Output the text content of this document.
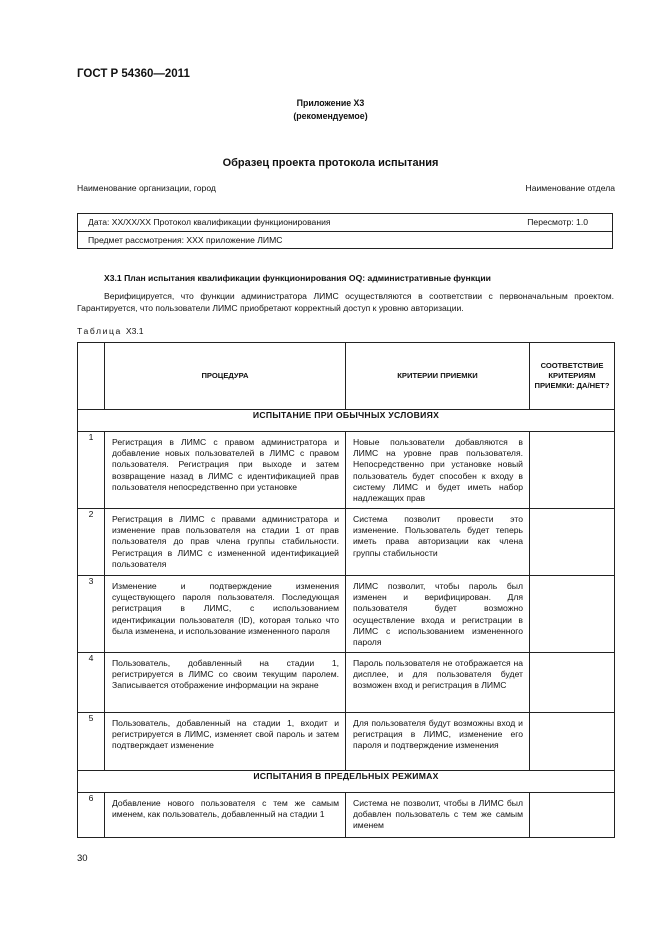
ГОСТ Р 54360—2011
Приложение Х3
(рекомендуемое)
Образец проекта протокола испытания
Наименование организации, город	Наименование отдела
Дата: XX/XX/XX Протокол квалификации функционирования	Пересмотр: 1.0
Предмет рассмотрения: XXX приложение ЛИМС
Х3.1 План испытания квалификации функционирования OQ: административные функции
Верифицируется, что функции администратора ЛИМС осуществляются в соответствии с первоначальным проектом. Гарантируется, что пользователи ЛИМС приобретают корректный доступ к уровню авторизации.
Таблица Х3.1
	ПРОЦЕДУРА	КРИТЕРИИ ПРИЕМКИ	СООТВЕТСТВИЕ КРИТЕРИЯМ ПРИЕМКИ: ДА/НЕТ?
ИСПЫТАНИЕ ПРИ ОБЫЧНЫХ УСЛОВИЯХ			
1	Регистрация в ЛИМС с правом администратора и добавление новых пользователей в ЛИМС с правом пользователя. Регистрация при выходе и затем возвращение назад в ЛИМС с идентификацией прав пользователя непосредственно при установке	Новые пользователи добавляются в ЛИМС на уровне прав пользователя. Непосредственно при установке новый пользователь будет способен к входу в систему ЛИМС и будет иметь набор надлежащих прав	

2	Регистрация в ЛИМС с правами администратора и изменение прав пользователя на стадии 1 от прав пользователя до прав члена группы стабильности. Регистрация в ЛИМС с измененной идентификацией пользователя	Система позволит провести это изменение. Пользователь будет теперь иметь права авторизации как члена группы стабильности	

3	Изменение и подтверждение изменения существующего пароля пользователя. Последующая регистрация в ЛИМС, с использованием идентификации пользователя (ID), которая только что была изменена, и использование измененного пароля	ЛИМС позволит, чтобы пароль был изменен и верифицирован. Для пользователя будет возможно осуществление входа и регистрации в ЛИМС с использованием измененного пароля	

4	Пользователь, добавленный на стадии 1, регистрируется в ЛИМС со своим текущим паролем. Записывается отображение информации на экране	Пароль пользователя не отображается на дисплее, и для пользователя будет возможен вход и регистрация в ЛИМС	

5	Пользователь, добавленный на стадии 1, входит и регистрируется в ЛИМС, изменяет свой пароль и затем подтверждает изменение	Для пользователя будут возможны вход и регистрация в ЛИМС, изменение его пароля и подтверждение изменения	

ИСПЫТАНИЯ В ПРЕДЕЛЬНЫХ РЕЖИМАХ			
6	Добавление нового пользователя с тем же самым именем, как пользователь, добавленный на стадии 1	Система не позволит, чтобы в ЛИМС был добавлен пользователь с тем же самым именем	

30
